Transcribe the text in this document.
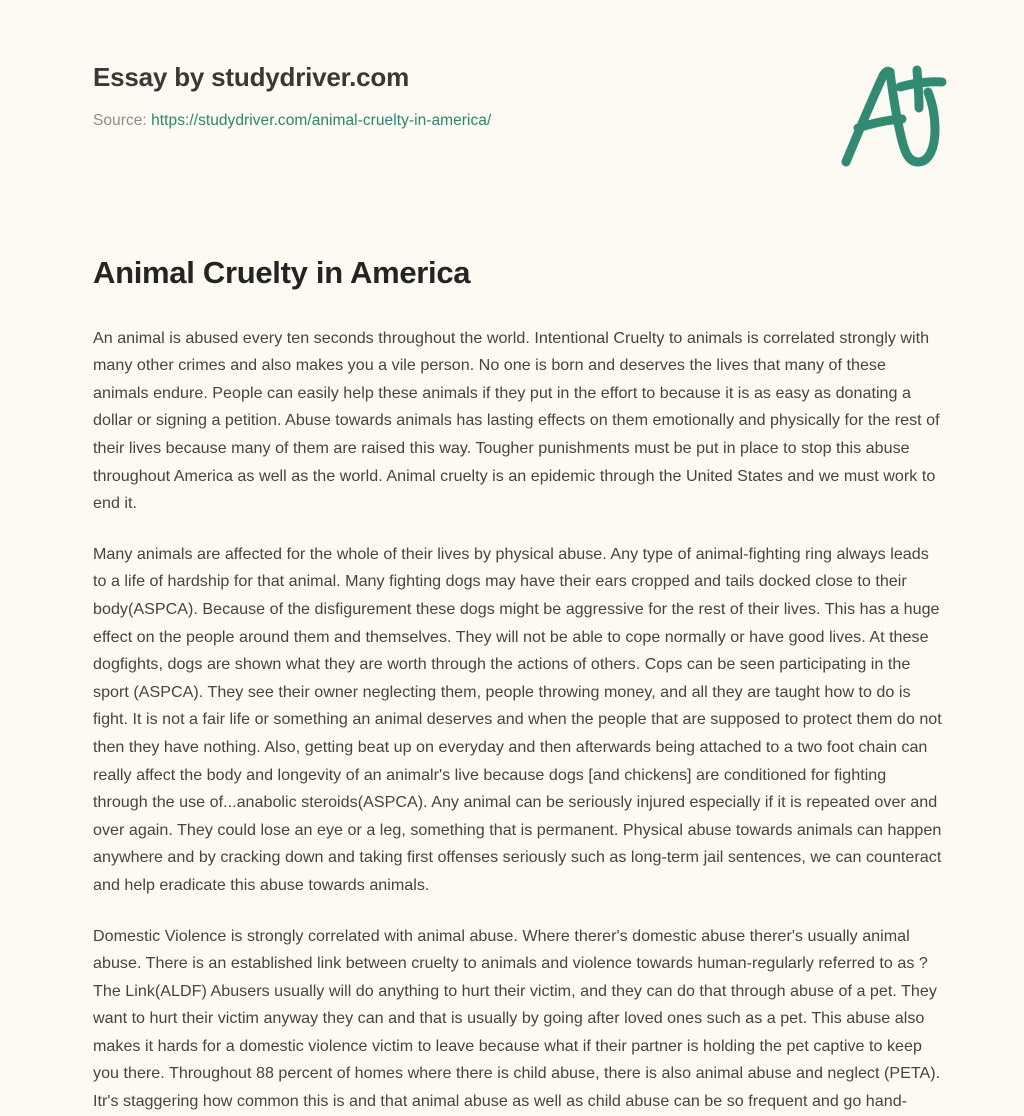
Essay by studydriver.com
Source: https://studydriver.com/animal-cruelty-in-america/
Animal Cruelty in America

An animal is abused every ten seconds throughout the world. Intentional Cruelty to animals is correlated strongly with many other crimes and also makes you a vile person. No one is born and deserves the lives that many of these animals endure. People can easily help these animals if they put in the effort to because it is as easy as donating a dollar or signing a petition. Abuse towards animals has lasting effects on them emotionally and physically for the rest of their lives because many of them are raised this way. Tougher punishments must be put in place to stop this abuse throughout America as well as the world. Animal cruelty is an epidemic through the United States and we must work to end it.

Many animals are affected for the whole of their lives by physical abuse. Any type of animal-fighting ring always leads to a life of hardship for that animal. Many fighting dogs may have their ears cropped and tails docked close to their body(ASPCA). Because of the disfigurement these dogs might be aggressive for the rest of their lives. This has a huge effect on the people around them and themselves. They will not be able to cope normally or have good lives. At these dogfights, dogs are shown what they are worth through the actions of others. Cops can be seen participating in the sport (ASPCA). They see their owner neglecting them, people throwing money, and all they are taught how to do is fight. It is not a fair life or something an animal deserves and when the people that are supposed to protect them do not then they have nothing. Also, getting beat up on everyday and then afterwards being attached to a two foot chain can really affect the body and longevity of an animalr's live because dogs [and chickens] are conditioned for fighting through the use of...anabolic steroids(ASPCA). Any animal can be seriously injured especially if it is repeated over and over again. They could lose an eye or a leg, something that is permanent. Physical abuse towards animals can happen anywhere and by cracking down and taking first offenses seriously such as long-term jail sentences, we can counteract and help eradicate this abuse towards animals.

Domestic Violence is strongly correlated with animal abuse. Where therer's domestic abuse therer's usually animal abuse. There is an established link between cruelty to animals and violence towards human-regularly referred to as ?The Link(ALDF) Abusers usually will do anything to hurt their victim, and they can do that through abuse of a pet. They want to hurt their victim anyway they can and that is usually by going after loved ones such as a pet. This abuse also makes it hards for a domestic violence victim to leave because what if their partner is holding the pet captive to keep you there. Throughout 88 percent of homes where there is child abuse, there is also animal abuse and neglect (PETA). Itr's staggering how common this is and that animal abuse as well as child abuse can be so frequent and go hand-
